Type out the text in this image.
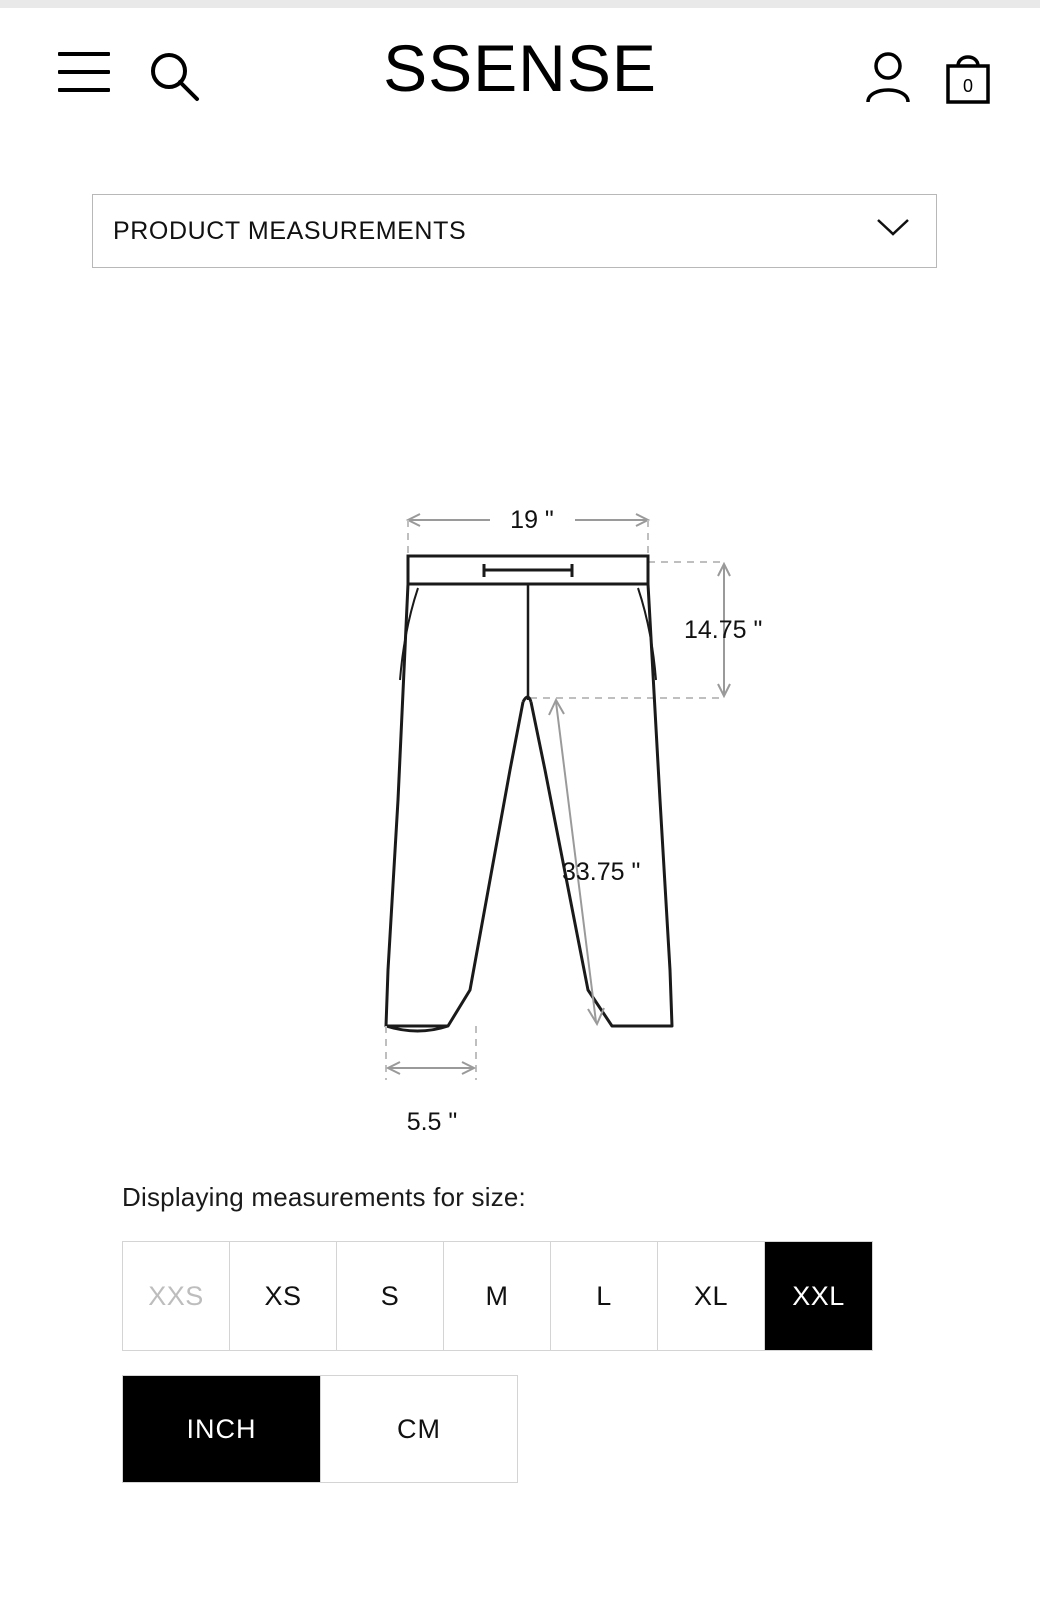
SSENSE	0
PRODUCT MEASUREMENTS
19 "
14.75 "
33.75 "
5.5 "
Displaying measurements for size:
XXS	XS	S	M	L	XL	XXL
INCH	CM
